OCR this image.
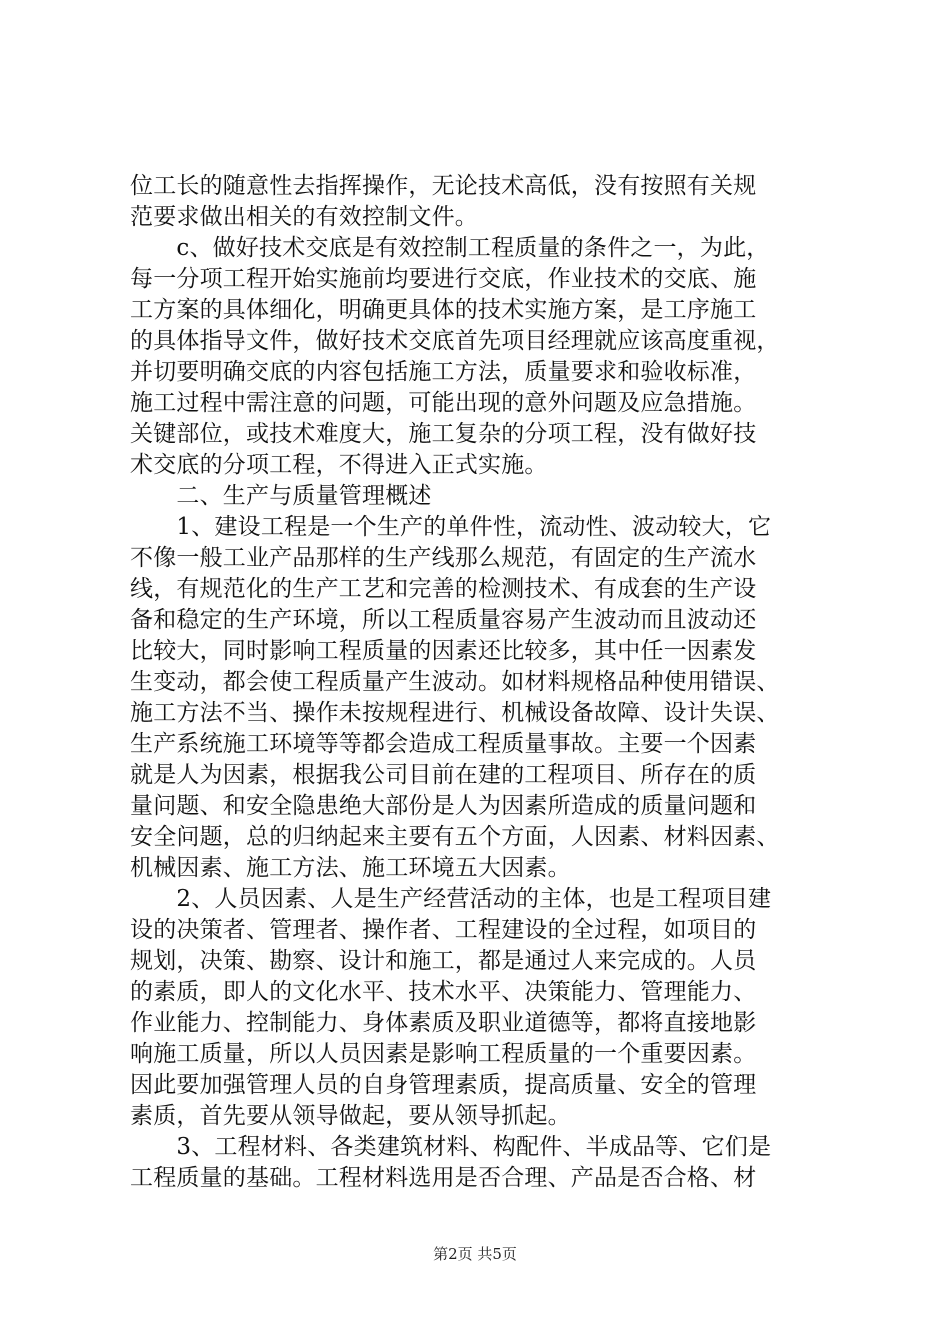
位工长的随意性去指挥操作，无论技术高低，没有按照有关规
范要求做出相关的有效控制文件。
　　c、做好技术交底是有效控制工程质量的条件之一，为此，
每一分项工程开始实施前均要进行交底，作业技术的交底、施
工方案的具体细化，明确更具体的技术实施方案，是工序施工
的具体指导文件，做好技术交底首先项目经理就应该高度重视，
并切要明确交底的内容包括施工方法，质量要求和验收标准，
施工过程中需注意的问题，可能出现的意外问题及应急措施。
关键部位，或技术难度大，施工复杂的分项工程，没有做好技
术交底的分项工程，不得进入正式实施。
　　二、生产与质量管理概述
　　1、建设工程是一个生产的单件性，流动性、波动较大，它
不像一般工业产品那样的生产线那么规范，有固定的生产流水
线，有规范化的生产工艺和完善的检测技术、有成套的生产设
备和稳定的生产环境，所以工程质量容易产生波动而且波动还
比较大，同时影响工程质量的因素还比较多，其中任一因素发
生变动，都会使工程质量产生波动。如材料规格品种使用错误、
施工方法不当、操作未按规程进行、机械设备故障、设计失误、
生产系统施工环境等等都会造成工程质量事故。主要一个因素
就是人为因素，根据我公司目前在建的工程项目、所存在的质
量问题、和安全隐患绝大部份是人为因素所造成的质量问题和
安全问题，总的归纳起来主要有五个方面，人因素、材料因素、
机械因素、施工方法、施工环境五大因素。
　　2、人员因素、人是生产经营活动的主体，也是工程项目建
设的决策者、管理者、操作者、工程建设的全过程，如项目的
规划，决策、勘察、设计和施工，都是通过人来完成的。人员
的素质，即人的文化水平、技术水平、决策能力、管理能力、
作业能力、控制能力、身体素质及职业道德等，都将直接地影
响施工质量，所以人员因素是影响工程质量的一个重要因素。
因此要加强管理人员的自身管理素质，提高质量、安全的管理
素质，首先要从领导做起，要从领导抓起。
　　3、工程材料、各类建筑材料、构配件、半成品等、它们是
工程质量的基础。工程材料选用是否合理、产品是否合格、材
第2页 共5页
